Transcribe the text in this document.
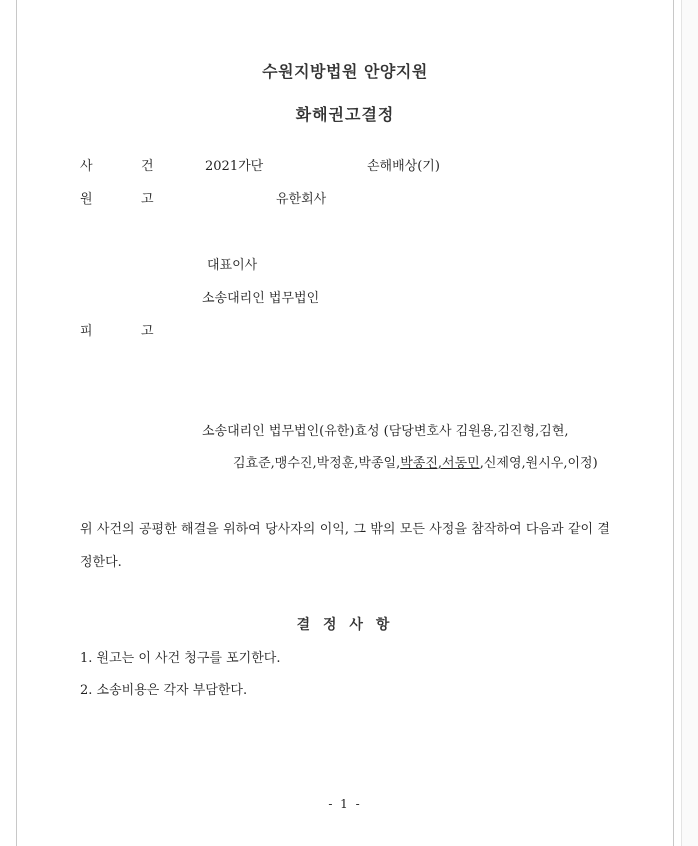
수원지방법원 안양지원
화해권고결정
사	건	2021가단	손해배상(기)
원	고	유한회사
대표이사
소송대리인 법무법인
피	고
소송대리인 법무법인(유한)효성 (담당변호사 김원용,김진형,김현,
김효준,맹수진,박정훈,박종일,박종진,서동민,신제영,원시우,이정)
위 사건의 공평한 해결을 위하여 당사자의 이익, 그 밖의 모든 사정을 참작하여 다음과 같이 결정한다.
결 정 사 항
1. 원고는 이 사건 청구를 포기한다.
2. 소송비용은 각자 부담한다.
- 1 -
